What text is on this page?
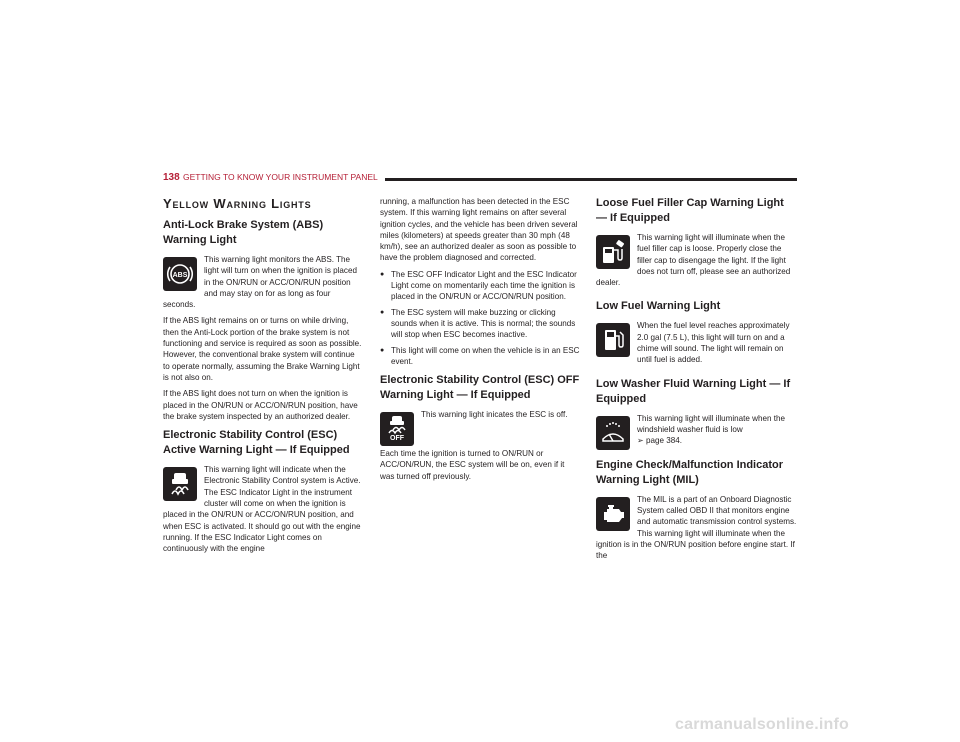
138 GETTING TO KNOW YOUR INSTRUMENT PANEL
Yellow Warning Lights
Anti-Lock Brake System (ABS) Warning Light
ABS

This warning light monitors the ABS. The light will turn on when the ignition is placed in the ON/RUN or ACC/ON/RUN position and may stay on for as long as four seconds.

If the ABS light remains on or turns on while driving, then the Anti-Lock portion of the brake system is not functioning and service is required as soon as possible. However, the conventional brake system will continue to operate normally, assuming the Brake Warning Light is not also on.

If the ABS light does not turn on when the ignition is placed in the ON/RUN or ACC/ON/RUN position, have the brake system inspected by an authorized dealer.

Electronic Stability Control (ESC) Active Warning Light — If Equipped

This warning light will indicate when the Electronic Stability Control system is Active. The ESC Indicator Light in the instrument cluster will come on when the ignition is placed in the ON/RUN or ACC/ON/RUN position, and when ESC is activated. It should go out with the engine running. If the ESC Indicator Light comes on continuously with the engine

running, a malfunction has been detected in the ESC system. If this warning light remains on after several ignition cycles, and the vehicle has been driven several miles (kilometers) at speeds greater than 30 mph (48 km/h), see an authorized dealer as soon as possible to have the problem diagnosed and corrected.

● The ESC OFF Indicator Light and the ESC Indicator Light come on momentarily each time the ignition is placed in the ON/RUN or ACC/ON/RUN position.
● The ESC system will make buzzing or clicking sounds when it is active. This is normal; the sounds will stop when ESC becomes inactive.
● This light will come on when the vehicle is in an ESC event.
Electronic Stability Control (ESC) OFF Warning Light — If Equipped
OFF

This warning light inicates the ESC is off.

Each time the ignition is turned to ON/RUN or ACC/ON/RUN, the ESC system will be on, even if it was turned off previously.

Loose Fuel Filler Cap Warning Light — If Equipped

This warning light will illuminate when the fuel filler cap is loose. Properly close the filler cap to disengage the light. If the light does not turn off, please see an authorized dealer.

Low Fuel Warning Light

When the fuel level reaches approximately 2.0 gal (7.5 L), this light will turn on and a chime will sound. The light will remain on until fuel is added.

Low Washer Fluid Warning Light — If Equipped

This warning light will illuminate when the windshield washer fluid is low
➢ page 384.

Engine Check/Malfunction Indicator Warning Light (MIL)

The MIL is a part of an Onboard Diagnostic System called OBD II that monitors engine and automatic transmission control systems. This warning light will illuminate when the ignition is in the ON/RUN position before engine start. If the

carmanualsonline.info
